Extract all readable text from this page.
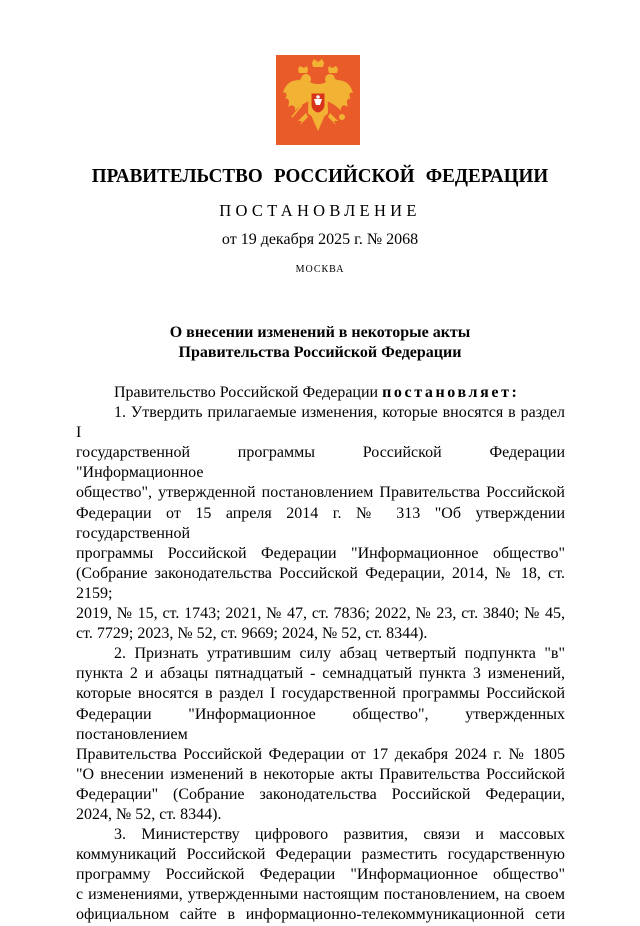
ПРАВИТЕЛЬСТВО РОССИЙСКОЙ ФЕДЕРАЦИИ
ПОСТАНОВЛЕНИЕ
от 19 декабря 2025 г. № 2068
МОСКВА
О внесении изменений в некоторые акты
Правительства Российской Федерации

Правительство Российской Федерации постановляет:

1. Утвердить прилагаемые изменения, которые вносятся в раздел I

государственной программы Российской Федерации "Информационное

общество", утвержденной постановлением Правительства Российской

Федерации от 15 апреля 2014 г. № 313 "Об утверждении государственной

программы Российской Федерации "Информационное общество"

(Собрание законодательства Российской Федерации, 2014, № 18, ст. 2159;

2019, № 15, ст. 1743; 2021, № 47, ст. 7836; 2022, № 23, ст. 3840; № 45,

ст. 7729; 2023, № 52, ст. 9669; 2024, № 52, ст. 8344).

2. Признать утратившим силу абзац четвертый подпункта "в"

пункта 2 и абзацы пятнадцатый - семнадцатый пункта 3 изменений,

которые вносятся в раздел I государственной программы Российской

Федерации "Информационное общество", утвержденных постановлением

Правительства Российской Федерации от 17 декабря 2024 г. № 1805

"О внесении изменений в некоторые акты Правительства Российской

Федерации" (Собрание законодательства Российской Федерации,

2024, № 52, ст. 8344).

3. Министерству цифрового развития, связи и массовых

коммуникаций Российской Федерации разместить государственную

программу Российской Федерации "Информационное общество"

с изменениями, утвержденными настоящим постановлением, на своем

официальном сайте в информационно-телекоммуникационной сети
